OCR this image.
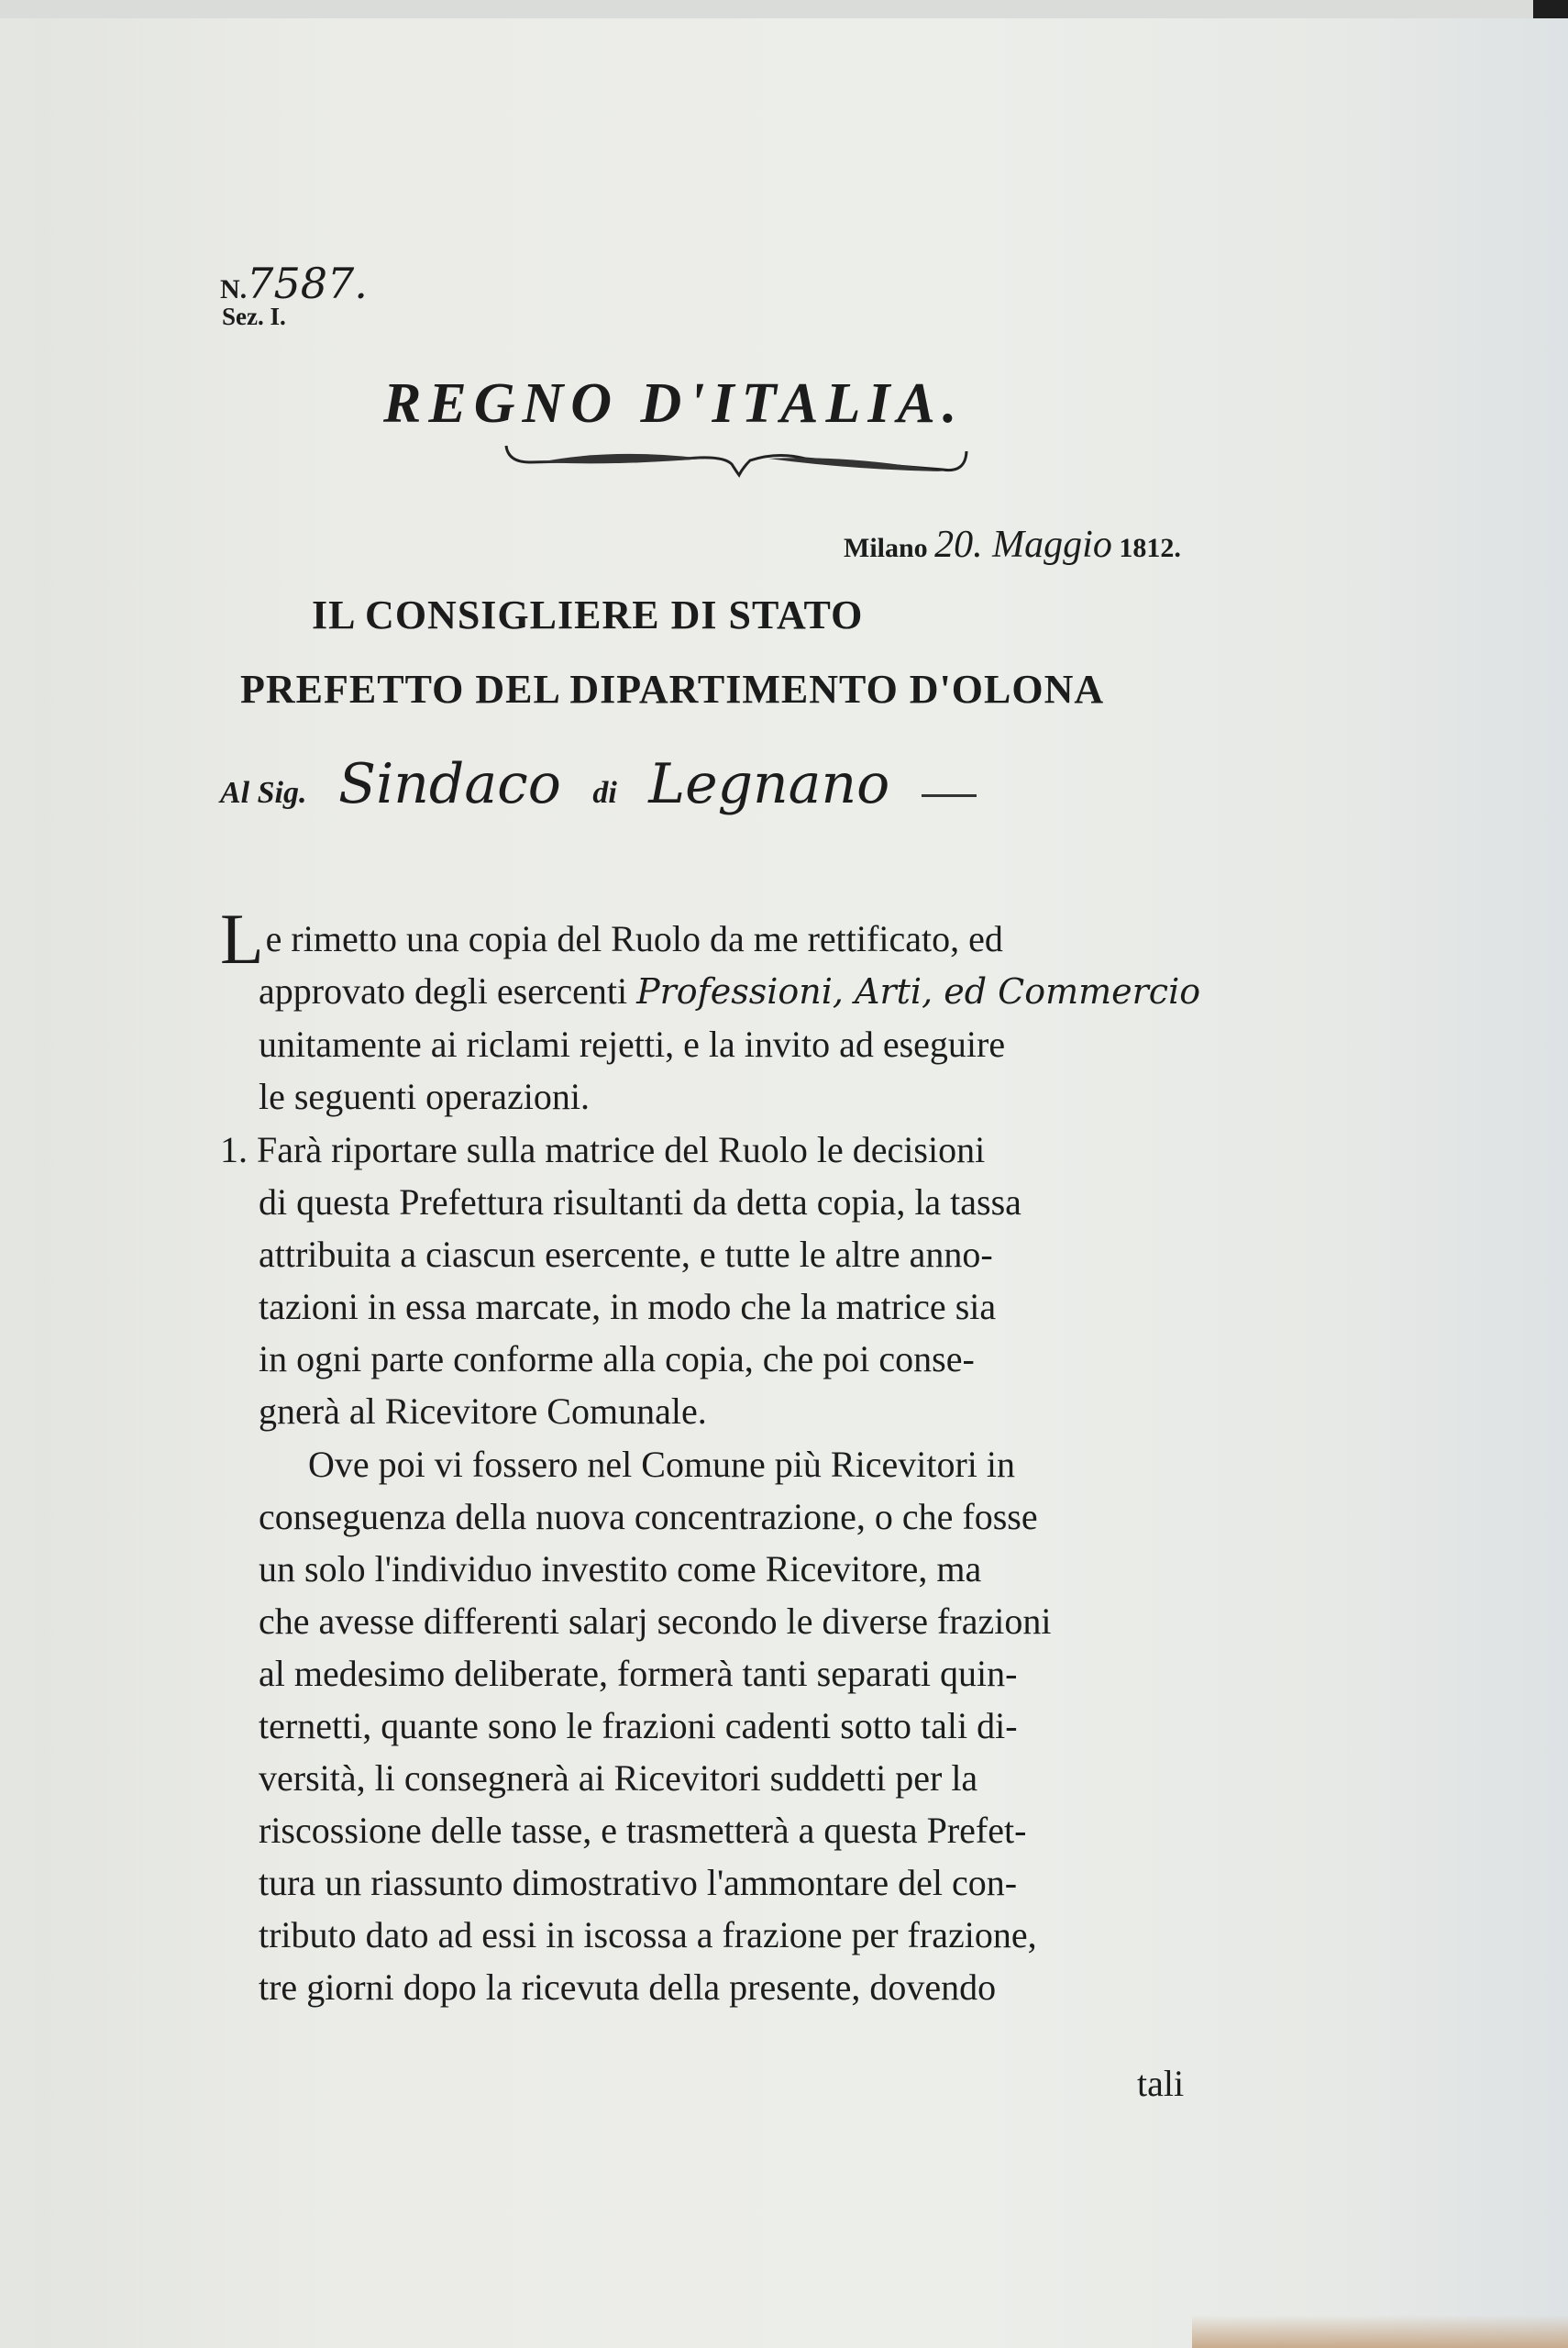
N.7587.
Sez. I.
REGNO D'ITALIA.
Milano 20. Maggio 1812.
IL CONSIGLIERE DI STATO
PREFETTO DEL DIPARTIMENTO D'OLONA
Al Sig. Sindaco di Legnano
L e rimetto una copia del Ruolo da me rettificato, ed
approvato degli esercenti Professioni, Arti, ed Commercio
unitamente ai riclami rejetti, e la invito ad eseguire
le seguenti operazioni.
1. Farà riportare sulla matrice del Ruolo le decisioni
di questa Prefettura risultanti da detta copia, la tassa
attribuita a ciascun esercente, e tutte le altre anno-
tazioni in essa marcate, in modo che la matrice sia
in ogni parte conforme alla copia, che poi conse-
gnerà al Ricevitore Comunale.
Ove poi vi fossero nel Comune più Ricevitori in
conseguenza della nuova concentrazione, o che fosse
un solo l'individuo investito come Ricevitore, ma
che avesse differenti salarj secondo le diverse frazioni
al medesimo deliberate, formerà tanti separati quin-
ternetti, quante sono le frazioni cadenti sotto tali di-
versità, li consegnerà ai Ricevitori suddetti per la
riscossione delle tasse, e trasmetterà a questa Prefet-
tura un riassunto dimostrativo l'ammontare del con-
tributo dato ad essi in iscossa a frazione per frazione,
tre giorni dopo la ricevuta della presente, dovendo
tali
